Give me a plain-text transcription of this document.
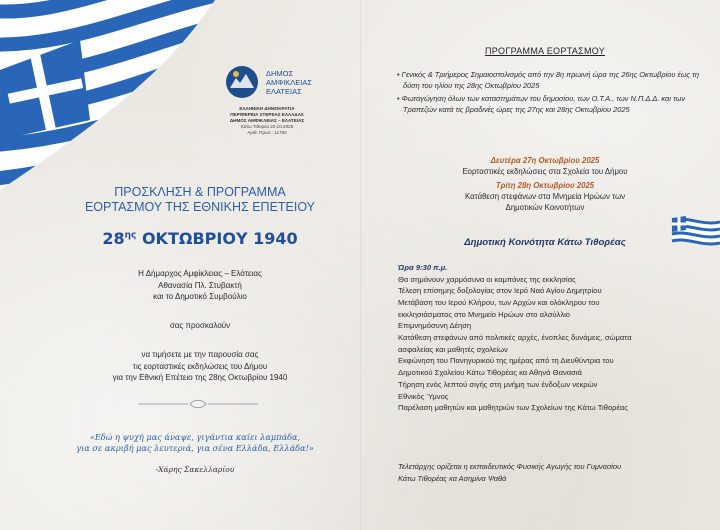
ΔΗΜΟΣ
ΑΜΦΙΚΛΕΙΑΣ
ΕΛΑΤΕΙΑΣ
ΕΛΛΗΝΙΚΗ ΔΗΜΟΚΡΑΤΙΑ
ΠΕΡΙΦΕΡΕΙΑ ΣΤΕΡΕΑΣ ΕΛΛΑΔΑΣ
ΔΗΜΟΣ ΑΜΦΙΚΛΕΙΑΣ – ΕΛΑΤΕΙΑΣ
Κάτω Τιθορέα 20.10.2025
Αριθ. Πρωτ.: 11750
ΠΡΟΣΚΛΗΣΗ & ΠΡΟΓΡΑΜΜΑ
ΕΟΡΤΑΣΜΟΥ ΤΗΣ ΕΘΝΙΚΗΣ ΕΠΕΤΕΙΟΥ
$28^{\eta\varsigma}$ ΟΚΤΩΒΡΙΟΥ 1940
Η Δήμαρχος Αμφίκλειας – Ελάτειας
Αθανασία Πλ. Στυβακτή
και το Δημοτικό Συμβούλιο
σας προσκαλούν
να τιμήσετε με την παρουσία σας
τις εορταστικές εκδηλώσεις του Δήμου
για την Εθνική Επέτειο της 28ης Οκτωβρίου 1940
«Εδώ η ψυχή μας άναψε, γιγάντια καίει λαμπάδα,
για σε ακριβή μας λευτεριά, για σένα Ελλάδα, Ελλάδα!»
-Χάρης Σακελλαρίου
ΠΡΟΓΡΑΜΜΑ ΕΟΡΤΑΣΜΟΥ
• Γενικός & Τριήμερος Σημαιοστολισμός από την 8η πρωινή ώρα της 26ης Οκτωβρίου έως τη δύση του ηλίου της 28ης Οκτωβρίου 2025
• Φωταγώγηση όλων των καταστημάτων του δημοσίου, των Ο.Τ.Α., των Ν.Π.Δ.Δ. και των Τραπεζών κατά τις βραδινές ώρες της 27ης και 28ης Οκτωβρίου 2025
Δευτέρα 27η Οκτωβρίου 2025
Εορταστικές εκδηλώσεις στα Σχολεία του Δήμου
Τρίτη 28η Οκτωβρίου 2025
Κατάθεση στεφάνων στα Μνημεία Ηρώων των
Δημοτικών Κοινοτήτων
Δημοτική Κοινότητα Κάτω Τιθορέας
Ώρα 9:30 π.μ.
Θα σημάνουν χαρμόσυνα οι καμπάνες της εκκλησίας
Τέλεση επίσημης δοξολογίας στον Ιερό Ναό Αγίου Δημητρίου
Μετάβαση του Ιερού Κλήρου, των Αρχών και ολόκληρου του
εκκλησιάσματος στο Μνημείο Ηρώων στο αλσύλλιο
Επιμνημόσυνη Δέηση
Κατάθεση στεφάνων από πολιτικές αρχές, ένοπλες δυνάμεις, σώματα
ασφαλείας και μαθητές σχολείων
Εκφώνηση του Πανηγυρικού της ημέρας από τη Διευθύντρια του
Δημοτικού Σχολείου Κάτω Τιθορέας κα Αθηνά Θανασιά
Τήρηση ενός λεπτού σιγής στη μνήμη των ένδοξων νεκρών
Εθνικός Ύμνος
Παρέλαση μαθητών και μαθητριών των Σχολείων της Κάτω Τιθορέας
Τελετάρχης ορίζεται η εκπαιδευτικός Φυσικής Αγωγής του Γυμνασίου
Κάτω Τιθορέας κα Ασημίνα Ψαθά
